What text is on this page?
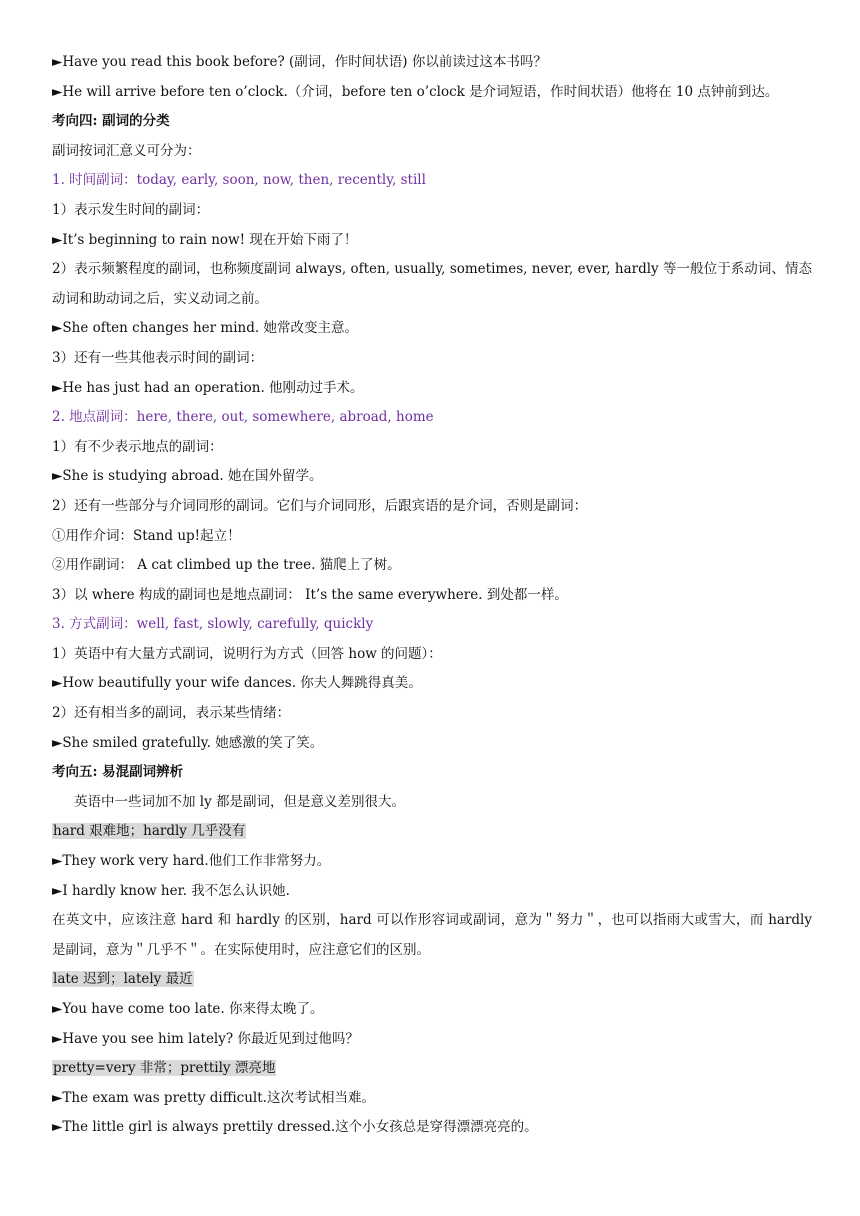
►Have you read this book before? (副词，作时间状语) 你以前读过这本书吗？
►He will arrive before ten o’clock.（介词，before ten o’clock 是介词短语，作时间状语）他将在 10 点钟前到达。
考向四: 副词的分类
副词按词汇意义可分为：
1. 时间副词：today, early, soon, now, then, recently, still
1）表示发生时间的副词：
►It’s beginning to rain now! 现在开始下雨了！
2）表示频繁程度的副词，也称频度副词 always, often, usually, sometimes, never, ever, hardly 等一般位于系动词、情态动词和助动词之后，实义动词之前。
►She often changes her mind. 她常改变主意。
3）还有一些其他表示时间的副词：
►He has just had an operation. 他刚动过手术。
2. 地点副词：here, there, out, somewhere, abroad, home
1）有不少表示地点的副词：
►She is studying abroad. 她在国外留学。
2）还有一些部分与介词同形的副词。它们与介词同形，后跟宾语的是介词，否则是副词：
①用作介词：Stand up!起立！
②用作副词： A cat climbed up the tree. 猫爬上了树。
3）以 where 构成的副词也是地点副词： It’s the same everywhere. 到处都一样。
3. 方式副词：well, fast, slowly, carefully, quickly
1）英语中有大量方式副词，说明行为方式（回答 how 的问题）：
►How beautifully your wife dances. 你夫人舞跳得真美。
2）还有相当多的副词，表示某些情绪：
►She smiled gratefully. 她感激的笑了笑。
考向五: 易混副词辨析
英语中一些词加不加 ly 都是副词，但是意义差别很大。
hard 艰难地；hardly 几乎没有
►They work very hard.他们工作非常努力。
►I hardly know her. 我不怎么认识她.
在英文中，应该注意 hard 和 hardly 的区别，hard 可以作形容词或副词，意为＂努力＂，也可以指雨大或雪大，而 hardly 是副词，意为＂几乎不＂。在实际使用时，应注意它们的区别。
late 迟到；lately 最近
►You have come too late. 你来得太晚了。
►Have you see him lately? 你最近见到过他吗？
pretty=very 非常；prettily 漂亮地
►The exam was pretty difficult.这次考试相当难。
►The little girl is always prettily dressed.这个小女孩总是穿得漂漂亮亮的。
